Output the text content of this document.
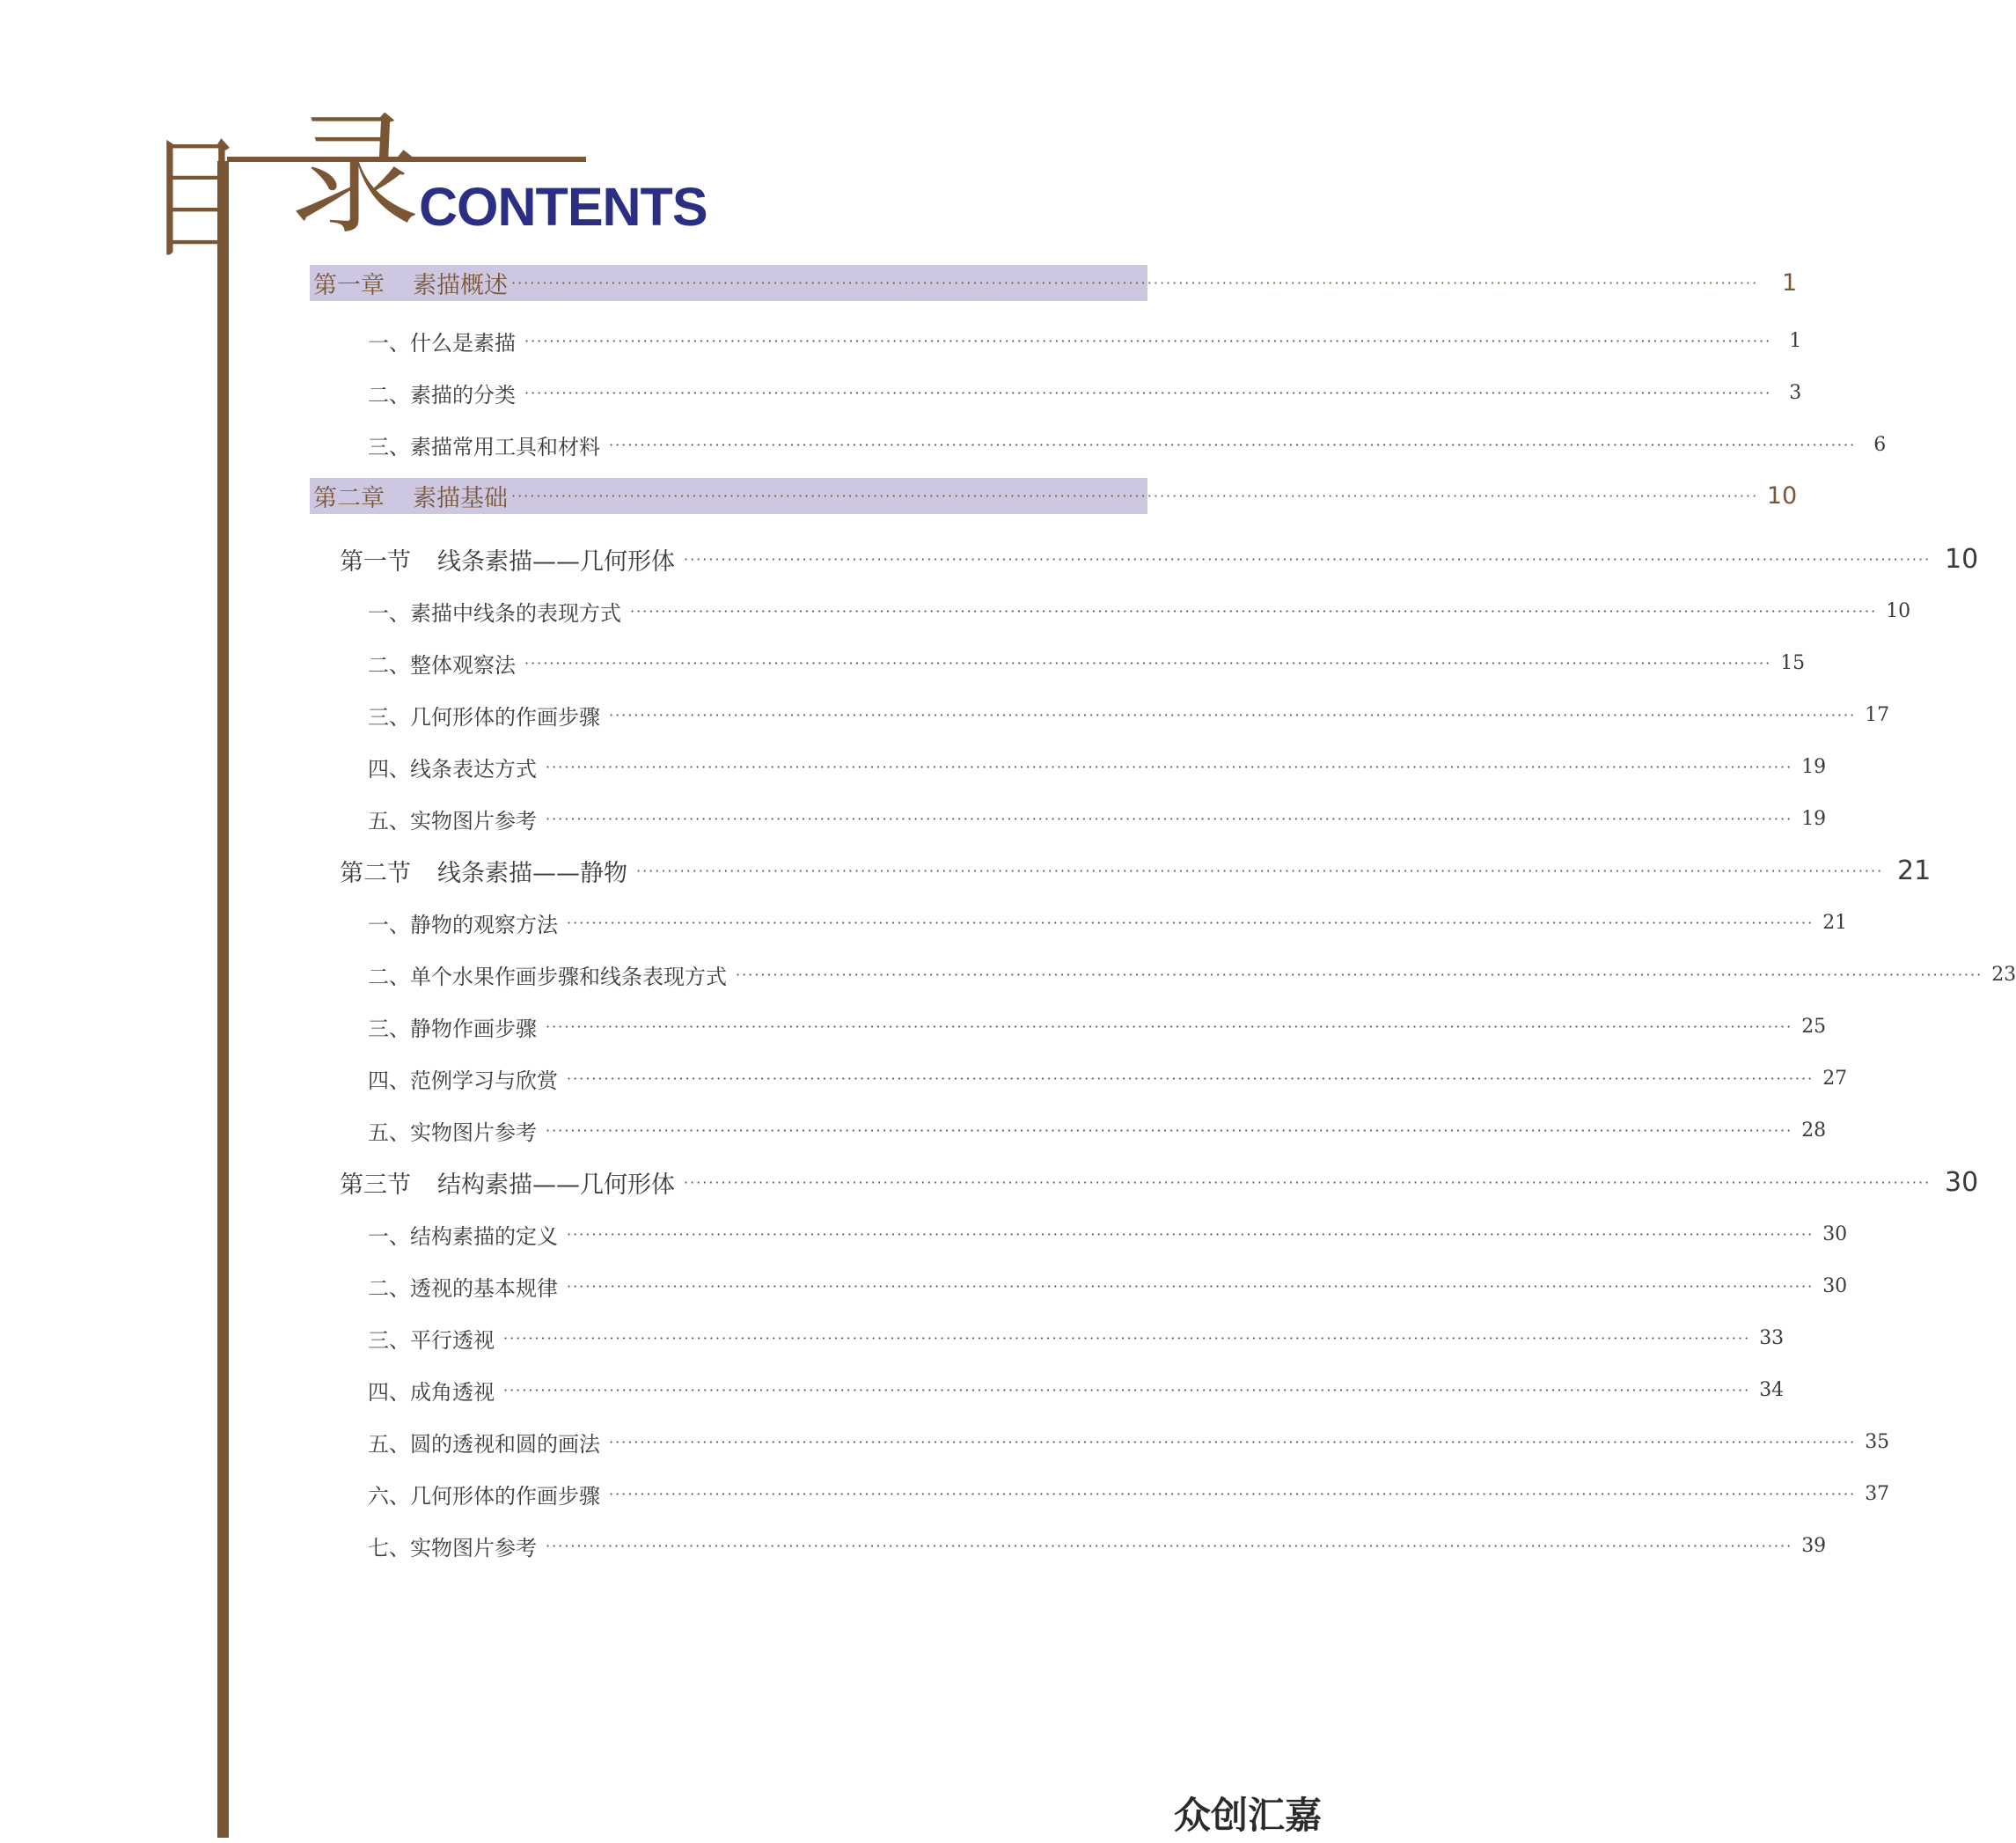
目 录
CONTENTS
第一章 素描概述 ········································································································································································································ 1
一、什么是素描 ········································································································································································································ 1
二、素描的分类 ········································································································································································································ 3
三、素描常用工具和材料 ········································································································································································································ 6
第二章 素描基础 ········································································································································································································ 10
第一节 线条素描——几何形体 ········································································································································································································ 10
一、素描中线条的表现方式 ········································································································································································································ 10
二、整体观察法 ········································································································································································································ 15
三、几何形体的作画步骤 ········································································································································································································ 17
四、线条表达方式 ········································································································································································································ 19
五、实物图片参考 ········································································································································································································ 19
第二节 线条素描——静物 ········································································································································································································ 21
一、静物的观察方法 ········································································································································································································ 21
二、单个水果作画步骤和线条表现方式 ········································································································································································································ 23
三、静物作画步骤 ········································································································································································································ 25
四、范例学习与欣赏 ········································································································································································································ 27
五、实物图片参考 ········································································································································································································ 28
第三节 结构素描——几何形体 ········································································································································································································ 30
一、结构素描的定义 ········································································································································································································ 30
二、透视的基本规律 ········································································································································································································ 30
三、平行透视 ········································································································································································································ 33
四、成角透视 ········································································································································································································ 34
五、圆的透视和圆的画法 ········································································································································································································ 35
六、几何形体的作画步骤 ········································································································································································································ 37
七、实物图片参考 ········································································································································································································ 39
众创汇嘉
